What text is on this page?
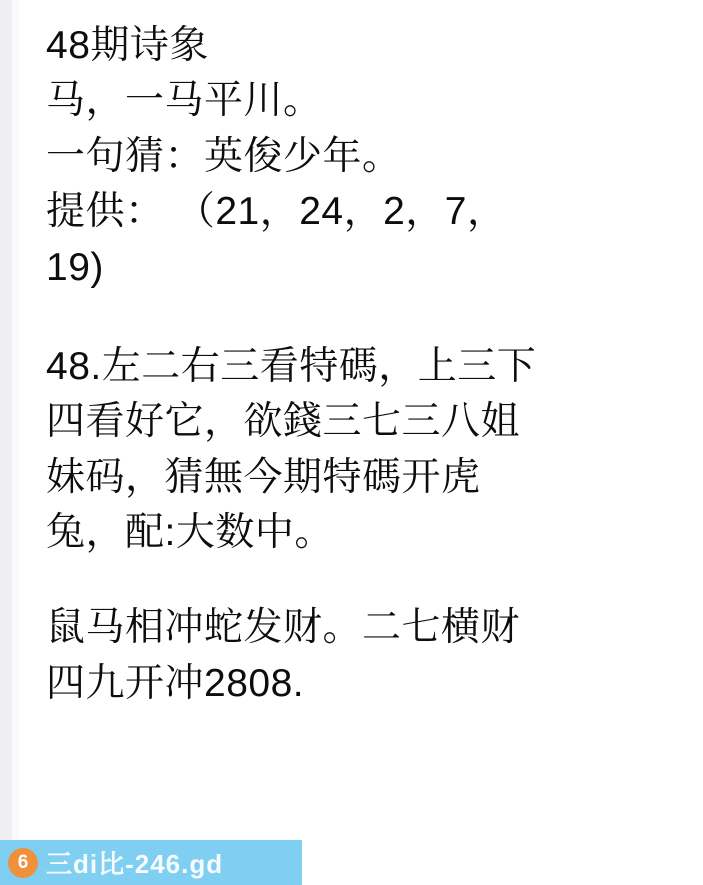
48期诗象

马，一马平川。

一句猜：英俊少年。

提供： （21，24，2，7，

19)

48.左二右三看特碼，上三下

四看好它，欲錢三七三八姐

妹码，猜無今期特碼开虎

兔，配:大数中。

鼠马相冲蛇发财。二七横财

四九开冲2808.

6 三di比-246.gd
